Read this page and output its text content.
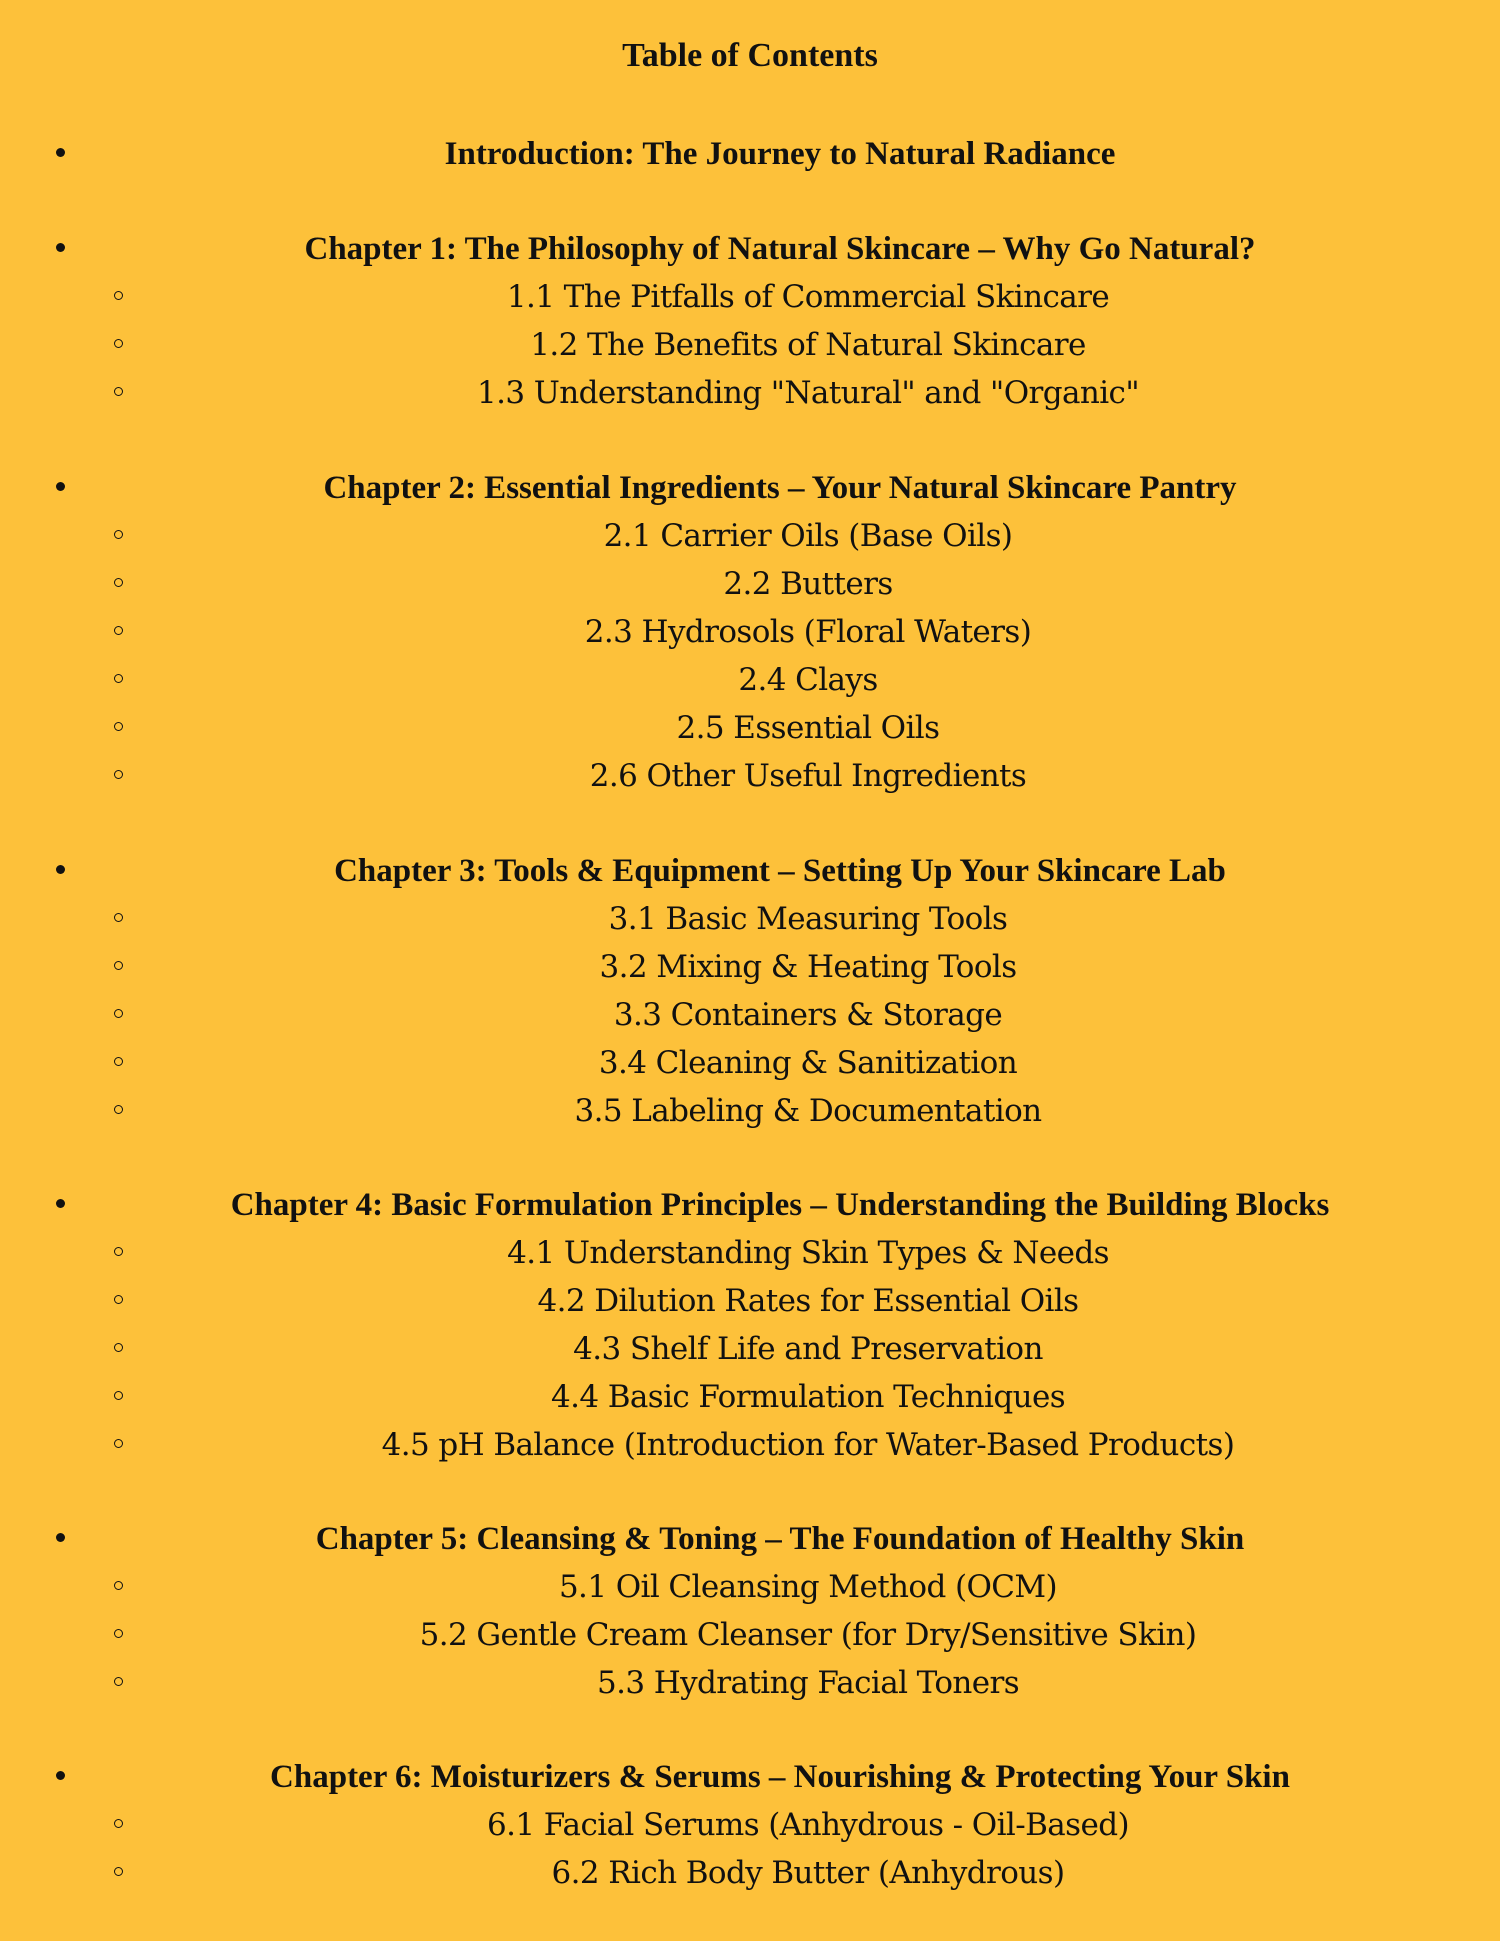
Table of Contents
Introduction: The Journey to Natural Radiance
Chapter 1: The Philosophy of Natural Skincare – Why Go Natural?
1.1 The Pitfalls of Commercial Skincare
1.2 The Benefits of Natural Skincare
1.3 Understanding "Natural" and "Organic"
Chapter 2: Essential Ingredients – Your Natural Skincare Pantry
2.1 Carrier Oils (Base Oils)
2.2 Butters
2.3 Hydrosols (Floral Waters)
2.4 Clays
2.5 Essential Oils
2.6 Other Useful Ingredients
Chapter 3: Tools & Equipment – Setting Up Your Skincare Lab
3.1 Basic Measuring Tools
3.2 Mixing & Heating Tools
3.3 Containers & Storage
3.4 Cleaning & Sanitization
3.5 Labeling & Documentation
Chapter 4: Basic Formulation Principles – Understanding the Building Blocks
4.1 Understanding Skin Types & Needs
4.2 Dilution Rates for Essential Oils
4.3 Shelf Life and Preservation
4.4 Basic Formulation Techniques
4.5 pH Balance (Introduction for Water-Based Products)
Chapter 5: Cleansing & Toning – The Foundation of Healthy Skin
5.1 Oil Cleansing Method (OCM)
5.2 Gentle Cream Cleanser (for Dry/Sensitive Skin)
5.3 Hydrating Facial Toners
Chapter 6: Moisturizers & Serums – Nourishing & Protecting Your Skin
6.1 Facial Serums (Anhydrous - Oil-Based)
6.2 Rich Body Butter (Anhydrous)
